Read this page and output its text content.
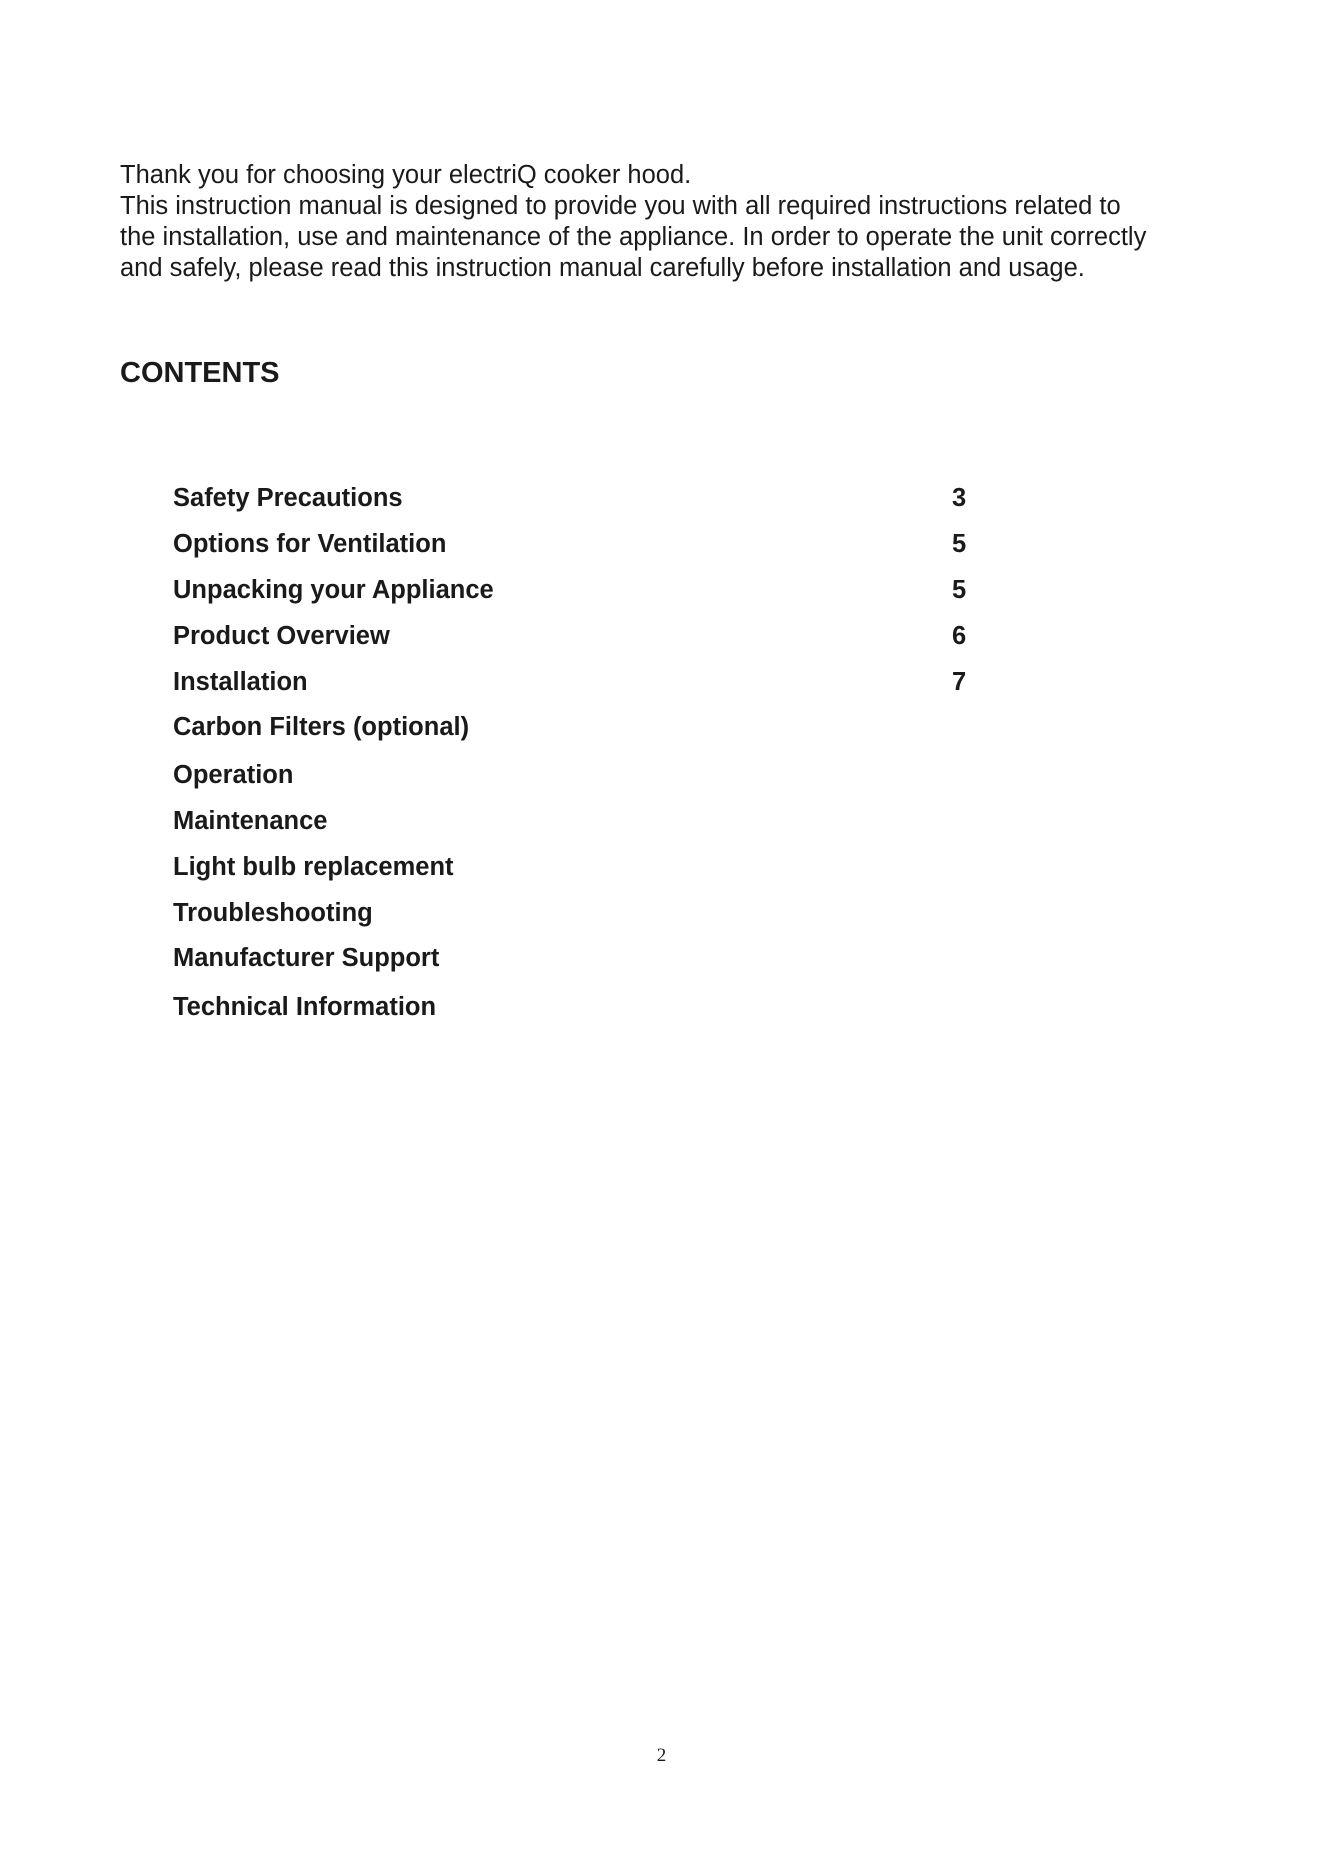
Thank you for choosing your electriQ cooker hood.

This instruction manual is designed to provide you with all required instructions related to

the installation, use and maintenance of the appliance. In order to operate the unit correctly

and safely, please read this instruction manual carefully before installation and usage.

CONTENTS
Safety Precautions	3
Options for Ventilation	5
Unpacking your Appliance	5
Product Overview	6
Installation	7
Carbon Filters (optional)
Operation
Maintenance
Light bulb replacement
Troubleshooting
Manufacturer Support
Technical Information
2
